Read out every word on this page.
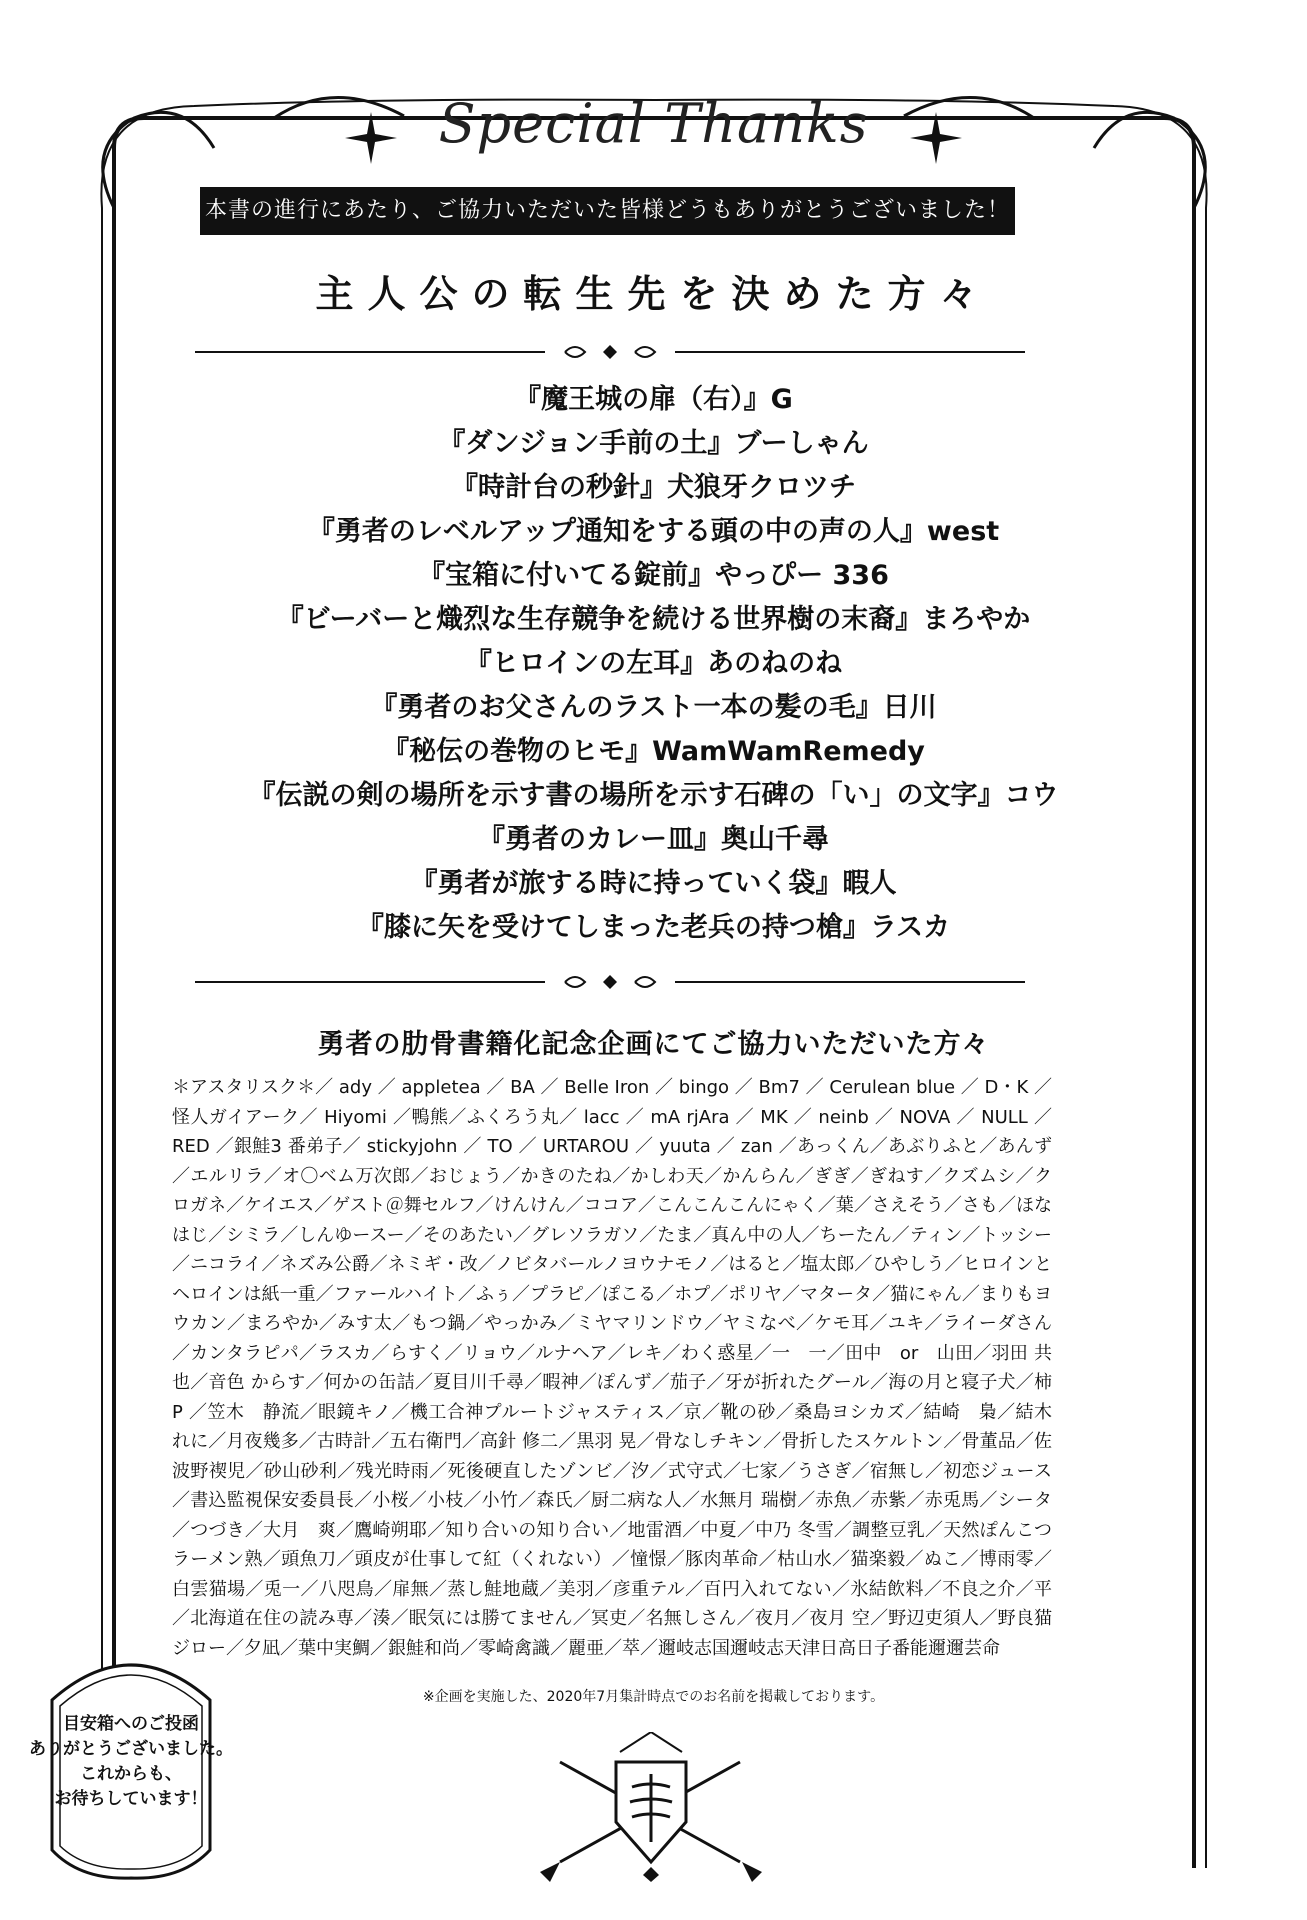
Special Thanks
本書の進行にあたり、ご協力いただいた皆様どうもありがとうございました！
主人公の転生先を決めた方々
『魔王城の扉（右）』G
『ダンジョン手前の土』ブーしゃん
『時計台の秒針』犬狼牙クロツチ
『勇者のレベルアップ通知をする頭の中の声の人』west
『宝箱に付いてる錠前』やっぴー 336
『ビーバーと熾烈な生存競争を続ける世界樹の末裔』まろやか
『ヒロインの左耳』あのねのね
『勇者のお父さんのラスト一本の髪の毛』日川
『秘伝の巻物のヒモ』WamWamRemedy
『伝説の剣の場所を示す書の場所を示す石碑の「い」の文字』コウ
『勇者のカレー皿』奥山千尋
『勇者が旅する時に持っていく袋』暇人
『膝に矢を受けてしまった老兵の持つ槍』ラスカ
勇者の肋骨書籍化記念企画にてご協力いただいた方々

＊アスタリスク＊／ ady ／ appletea ／ BA ／ Belle Iron ／ bingo ／ Bm7 ／ Cerulean blue ／ D・K ／怪人ガイアーク／ Hiyomi ／鴨熊／ふくろう丸／ lacc ／ mA rjAra ／ MK ／ neinb ／ NOVA ／ NULL ／ RED ／銀鮭3 番弟子／ stickyjohn ／ TO ／ URTAROU ／ yuuta ／ zan ／あっくん／あぶりふと／あんず／エルリラ／オ〇ベム万次郎／おじょう／かきのたね／かしわ天／かんらん／ぎぎ／ぎねす／クズムシ／クロガネ／ケイエス／ゲスト＠舞セルフ／けんけん／ココア／こんこんこんにゃく／葉／さえそう／さも／ほなはじ／シミラ／しんゆースー／そのあたい／グレソラガソ／たま／真ん中の人／ちーたん／ティン／トッシー／ニコライ／ネズみ公爵／ネミギ・改／ノビタバールノヨウナモノ／はると／塩太郎／ひやしう／ヒロインとヘロインは紙一重／ファールハイト／ふぅ／プラピ／ぽこる／ホプ／ポリヤ／マタータ／猫にゃん／まりもヨウカン／まろやか／みす太／もつ鍋／やっかみ／ミヤマリンドウ／ヤミなべ／ケモ耳／ユキ／ライーダさん／カンタラピパ／ラスカ／らすく／リョウ／ルナヘア／レキ／わく惑星／一　一／田中　or　山田／羽田 共也／音色 からす／何かの缶詰／夏目川千尋／暇神／ぽんず／茄子／牙が折れたグール／海の月と寝子犬／柿 P ／笠木　静流／眼鏡キノ／機工合神プルートジャスティス／京／靴の砂／桑島ヨシカズ／結崎　梟／結木 れに／月夜幾多／古時計／五右衛門／高針 修二／黒羽 晃／骨なしチキン／骨折したスケルトン／骨董品／佐波野禊児／砂山砂利／残光時雨／死後硬直したゾンビ／汐／式守式／七家／うさぎ／宿無し／初恋ジュース／書込監視保安委員長／小桜／小枝／小竹／森氏／厨二病な人／水無月 瑞樹／赤魚／赤紫／赤兎馬／シータ／つづき／大月　爽／鷹崎朔耶／知り合いの知り合い／地雷酒／中夏／中乃 冬雪／調整豆乳／天然ぽんこつラーメン熟／頭魚刀／頭皮が仕事して紅（くれない）／憧憬／豚肉革命／枯山水／猫楽毅／ぬこ／博雨零／白雲猫場／兎一／八咫鳥／扉無／蒸し鮭地蔵／美羽／彦重テル／百円入れてない／氷結飲料／不良之介／平／北海道在住の読み専／湊／眠気には勝てません／冥吏／名無しさん／夜月／夜月 空／野辺吏須人／野良猫ジロー／夕凪／葉中実鯛／銀鮭和尚／零崎禽識／麗亜／萃／邇岐志国邇岐志天津日高日子番能邇邇芸命

※企画を実施した、2020年7月集計時点でのお名前を掲載しております。
目安箱へのご投函
ありがとうございました。
これからも、
お待ちしています！
